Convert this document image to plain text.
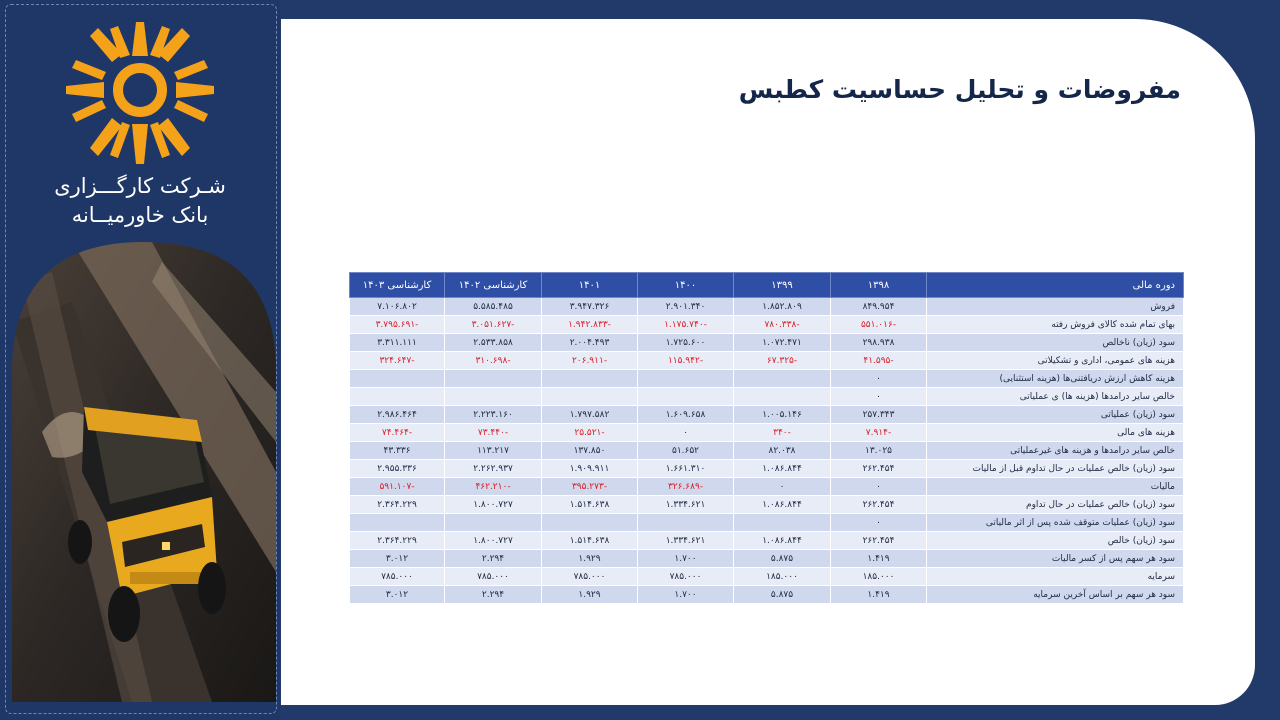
شـرکت کارگـــزاری
بانک خاورمیــانه
مفروضات و تحلیل حساسیت کطبس
دوره مالی	۱۳۹۸	۱۳۹۹	۱۴۰۰	۱۴۰۱	کارشناسی ۱۴۰۲	کارشناسی ۱۴۰۳
فروش	۸۴۹.۹۵۴	۱.۸۵۲.۸۰۹	۲.۹۰۱.۳۴۰	۳.۹۴۷.۳۲۶	۵.۵۸۵.۴۸۵	۷.۱۰۶.۸۰۲
بهای تمام شده کالای فروش رفته	-۵۵۱.۰۱۶	-۷۸۰.۳۳۸	-۱.۱۷۵.۷۴۰	-۱.۹۴۲.۸۳۳	-۳.۰۵۱.۶۲۷	-۳.۷۹۵.۶۹۱
سود (زیان) ناخالص	۲۹۸.۹۳۸	۱.۰۷۲.۴۷۱	۱.۷۲۵.۶۰۰	۲.۰۰۴.۴۹۳	۲.۵۳۳.۸۵۸	۳.۳۱۱.۱۱۱
هزینه های عمومی، اداری و تشکیلاتی	-۴۱.۵۹۵	-۶۷.۳۲۵	-۱۱۵.۹۴۲	-۲۰۶.۹۱۱	-۳۱۰.۶۹۸	-۳۲۴.۶۴۷
هزینه کاهش ارزش دریافتنی‌ها (هزینه استثنایی)	۰					
خالص سایر درامدها (هزینه ها) ی عملیاتی	۰					
سود (زیان) عملیاتی	۲۵۷.۳۴۳	۱.۰۰۵.۱۴۶	۱.۶۰۹.۶۵۸	۱.۷۹۷.۵۸۲	۲.۲۲۳.۱۶۰	۲.۹۸۶.۴۶۴
هزینه های مالی	-۷.۹۱۴	-۳۴۰	۰	-۲۵.۵۲۱	-۷۳.۴۴۰	-۷۴.۴۶۴
خالص سایر درامدها و هزینه های غیرعملیاتی	۱۳.۰۲۵	۸۲.۰۳۸	۵۱.۶۵۲	۱۳۷.۸۵۰	۱۱۳.۲۱۷	۴۳.۳۳۶
سود (زیان) خالص عملیات در حال تداوم قبل از مالیات	۲۶۲.۴۵۴	۱.۰۸۶.۸۴۴	۱.۶۶۱.۳۱۰	۱.۹۰۹.۹۱۱	۲.۲۶۲.۹۳۷	۲.۹۵۵.۳۳۶
مالیات	۰	۰	-۳۲۶.۶۸۹	-۳۹۵.۲۷۳	-۴۶۲.۲۱۰	-۵۹۱.۱۰۷
سود (زیان) خالص عملیات در حال تداوم	۲۶۲.۴۵۴	۱.۰۸۶.۸۴۴	۱.۳۳۴.۶۲۱	۱.۵۱۴.۶۳۸	۱.۸۰۰.۷۲۷	۲.۳۶۴.۲۲۹
سود (زیان) عملیات متوقف شده پس از اثر مالیاتی	۰					
سود (زیان) خالص	۲۶۲.۴۵۴	۱.۰۸۶.۸۴۴	۱.۳۳۴.۶۲۱	۱.۵۱۴.۶۳۸	۱.۸۰۰.۷۲۷	۲.۳۶۴.۲۲۹
سود هر سهم پس از کسر مالیات	۱.۴۱۹	۵.۸۷۵	۱.۷۰۰	۱.۹۲۹	۲.۲۹۴	۳.۰۱۲
سرمایه	۱۸۵.۰۰۰	۱۸۵.۰۰۰	۷۸۵.۰۰۰	۷۸۵.۰۰۰	۷۸۵.۰۰۰	۷۸۵.۰۰۰
سود هر سهم بر اساس آخرین سرمایه	۱.۴۱۹	۵.۸۷۵	۱.۷۰۰	۱.۹۲۹	۲.۲۹۴	۳.۰۱۲
